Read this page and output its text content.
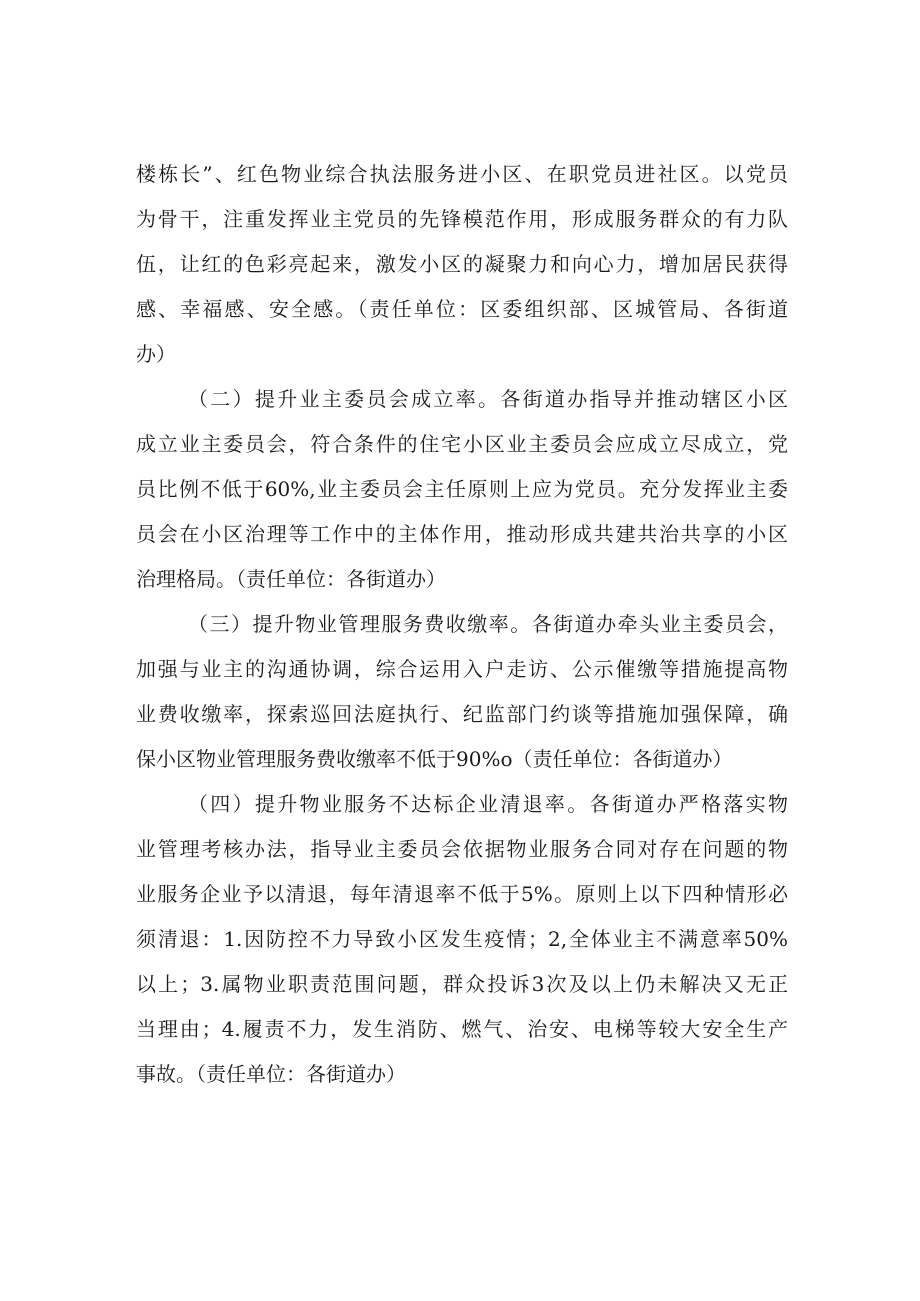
楼栋长”、红色物业综合执法服务进小区、在职党员进社区。以党员
为骨干，注重发挥业主党员的先锋模范作用，形成服务群众的有力队
伍，让红的色彩亮起来，激发小区的凝聚力和向心力，增加居民获得
感、幸福感、安全感。（责任单位：区委组织部、区城管局、各街道
办）
（二）提升业主委员会成立率。各街道办指导并推动辖区小区
成立业主委员会，符合条件的住宅小区业主委员会应成立尽成立，党
员比例不低于60%,业主委员会主任原则上应为党员。充分发挥业主委
员会在小区治理等工作中的主体作用，推动形成共建共治共享的小区
治理格局。（责任单位：各街道办）
（三）提升物业管理服务费收缴率。各街道办牵头业主委员会，
加强与业主的沟通协调，综合运用入户走访、公示催缴等措施提高物
业费收缴率，探索巡回法庭执行、纪监部门约谈等措施加强保障，确
保小区物业管理服务费收缴率不低于90%o（责任单位：各街道办）
（四）提升物业服务不达标企业清退率。各街道办严格落实物
业管理考核办法，指导业主委员会依据物业服务合同对存在问题的物
业服务企业予以清退，每年清退率不低于5%。原则上以下四种情形必
须清退：1.因防控不力导致小区发生疫情；2,全体业主不满意率50%
以上；3.属物业职责范围问题，群众投诉3次及以上仍未解决又无正
当理由；4.履责不力，发生消防、燃气、治安、电梯等较大安全生产
事故。（责任单位：各街道办）
